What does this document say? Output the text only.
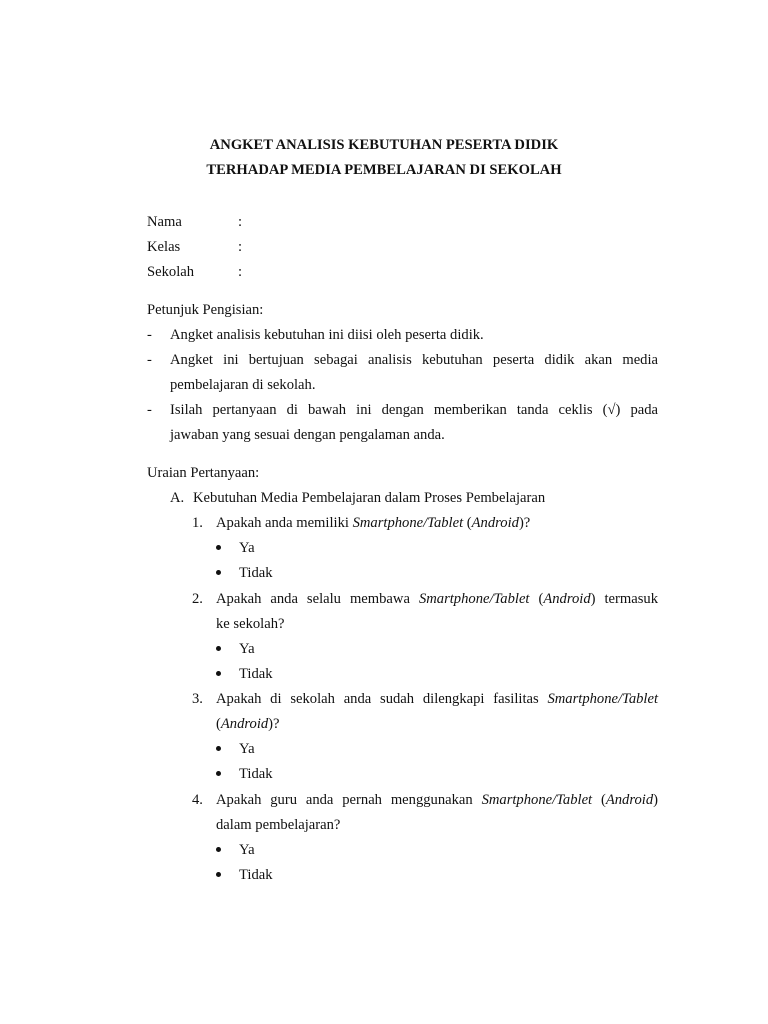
ANGKET ANALISIS KEBUTUHAN PESERTA DIDIK
TERHADAP MEDIA PEMBELAJARAN DI SEKOLAH
Nama	:
Kelas	:
Sekolah	:
Petunjuk Pengisian:
- Angket analisis kebutuhan ini diisi oleh peserta didik.
- Angket ini bertujuan sebagai analisis kebutuhan peserta didik akan media
pembelajaran di sekolah.
- Isilah pertanyaan di bawah ini dengan memberikan tanda ceklis (√) pada
jawaban yang sesuai dengan pengalaman anda.
Uraian Pertanyaan:
A. Kebutuhan Media Pembelajaran dalam Proses Pembelajaran
1. Apakah anda memiliki Smartphone/Tablet (Android)?
Ya
Tidak
2. Apakah anda selalu membawa Smartphone/Tablet (Android) termasuk
ke sekolah?
Ya
Tidak
3. Apakah di sekolah anda sudah dilengkapi fasilitas Smartphone/Tablet
(Android)?
Ya
Tidak
4. Apakah guru anda pernah menggunakan Smartphone/Tablet (Android)
dalam pembelajaran?
Ya
Tidak
